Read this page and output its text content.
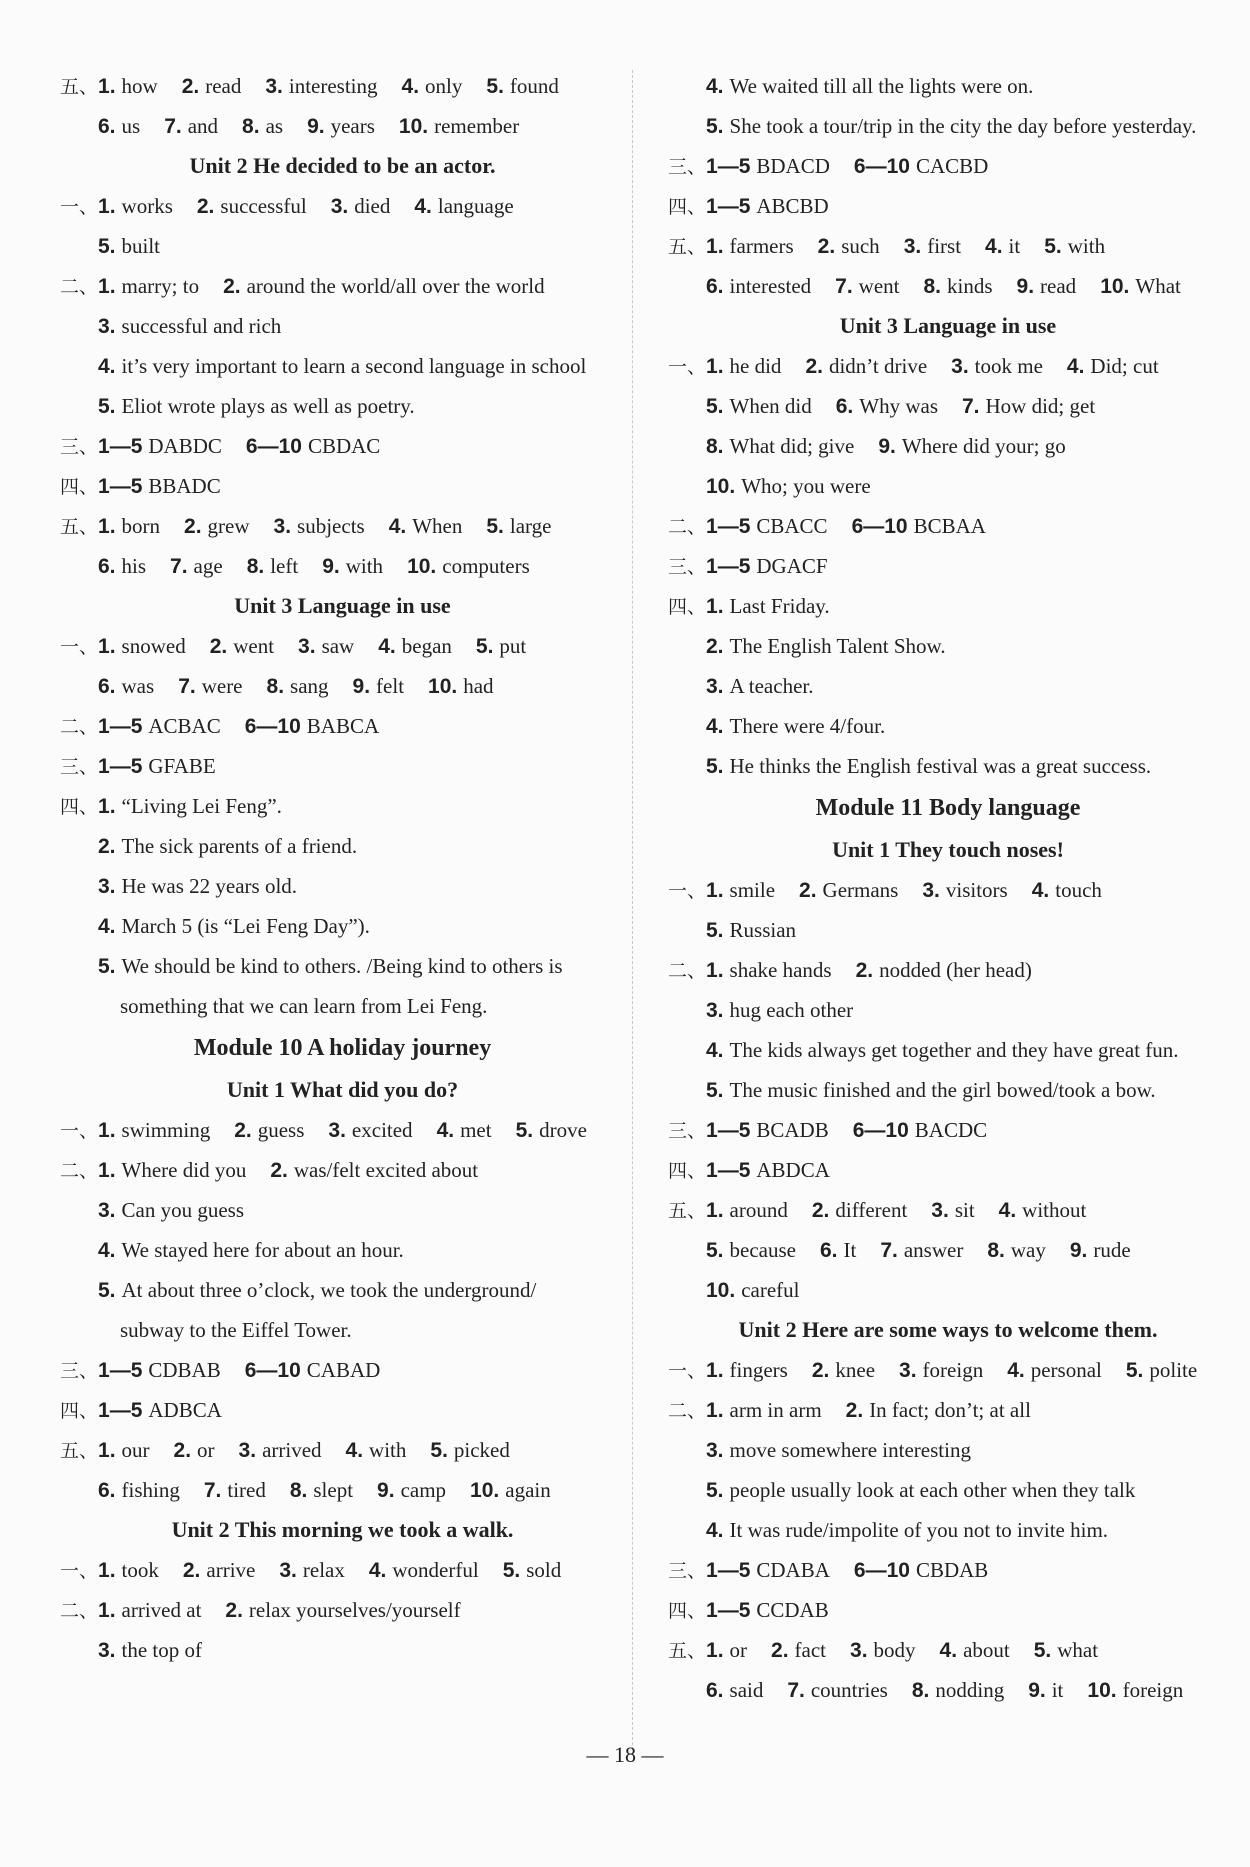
五、1. how 2. read 3. interesting 4. only 5. found
6. us 7. and 8. as 9. years 10. remember
Unit 2 He decided to be an actor.
一、1. works 2. successful 3. died 4. language
5. built
二、1. marry; to 2. around the world/all over the world
3. successful and rich
4. it’s very important to learn a second language in school
5. Eliot wrote plays as well as poetry.
三、1—5 DABDC 6—10 CBDAC
四、1—5 BBADC
五、1. born 2. grew 3. subjects 4. When 5. large
6. his 7. age 8. left 9. with 10. computers
Unit 3 Language in use
一、1. snowed 2. went 3. saw 4. began 5. put
6. was 7. were 8. sang 9. felt 10. had
二、1—5 ACBAC 6—10 BABCA
三、1—5 GFABE
四、1. “Living Lei Feng”.
2. The sick parents of a friend.
3. He was 22 years old.
4. March 5 (is “Lei Feng Day”).
5. We should be kind to others. /Being kind to others is
something that we can learn from Lei Feng.
Module 10 A holiday journey
Unit 1 What did you do?
一、1. swimming 2. guess 3. excited 4. met 5. drove
二、1. Where did you 2. was/felt excited about
3. Can you guess
4. We stayed here for about an hour.
5. At about three o’clock, we took the underground/
subway to the Eiffel Tower.
三、1—5 CDBAB 6—10 CABAD
四、1—5 ADBCA
五、1. our 2. or 3. arrived 4. with 5. picked
6. fishing 7. tired 8. slept 9. camp 10. again
Unit 2 This morning we took a walk.
一、1. took 2. arrive 3. relax 4. wonderful 5. sold
二、1. arrived at 2. relax yourselves/yourself
3. the top of
4. We waited till all the lights were on.
5. She took a tour/trip in the city the day before yesterday.
三、1—5 BDACD 6—10 CACBD
四、1—5 ABCBD
五、1. farmers 2. such 3. first 4. it 5. with
6. interested 7. went 8. kinds 9. read 10. What
Unit 3 Language in use
一、1. he did 2. didn’t drive 3. took me 4. Did; cut
5. When did 6. Why was 7. How did; get
8. What did; give 9. Where did your; go
10. Who; you were
二、1—5 CBACC 6—10 BCBAA
三、1—5 DGACF
四、1. Last Friday.
2. The English Talent Show.
3. A teacher.
4. There were 4/four.
5. He thinks the English festival was a great success.
Module 11 Body language
Unit 1 They touch noses!
一、1. smile 2. Germans 3. visitors 4. touch
5. Russian
二、1. shake hands 2. nodded (her head)
3. hug each other
4. The kids always get together and they have great fun.
5. The music finished and the girl bowed/took a bow.
三、1—5 BCADB 6—10 BACDC
四、1—5 ABDCA
五、1. around 2. different 3. sit 4. without
5. because 6. It 7. answer 8. way 9. rude
10. careful
Unit 2 Here are some ways to welcome them.
一、1. fingers 2. knee 3. foreign 4. personal 5. polite
二、1. arm in arm 2. In fact; don’t; at all
3. move somewhere interesting
5. people usually look at each other when they talk
4. It was rude/impolite of you not to invite him.
三、1—5 CDABA 6—10 CBDAB
四、1—5 CCDAB
五、1. or 2. fact 3. body 4. about 5. what
6. said 7. countries 8. nodding 9. it 10. foreign
— 18 —
